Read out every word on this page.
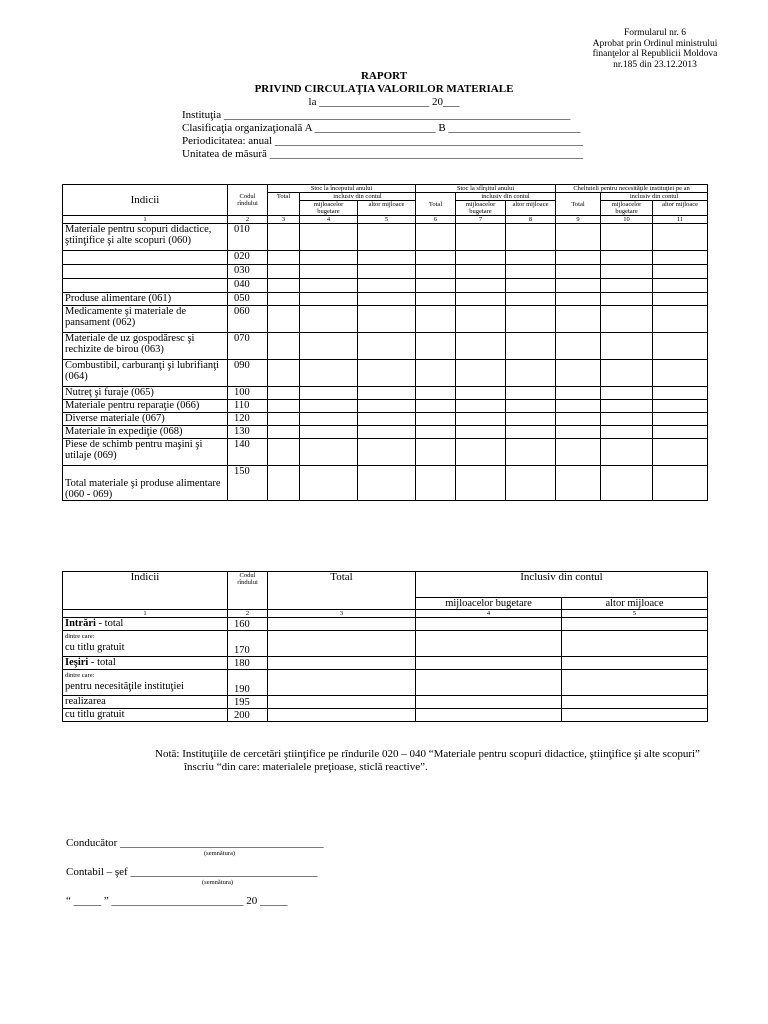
Formularul nr. 6
Aprobat prin Ordinul ministrului
finanţelor al Republicii Moldova
nr.185 din 23.12.2013
RAPORT
PRIVIND CIRCULAŢIA VALORILOR MATERIALE
la ____________________ 20___
Instituţia _______________________________________________________________
Clasificaţia organizaţională A ______________________ B ________________________
Periodicitatea: anual ________________________________________________________
Unitatea de măsură _________________________________________________________
Indicii	Codul rîndului	Stoc la începutul anului			Stoc la sfîrşitul anului			Cheltuieli pentru necesităţile instituţiei pe an		
		Total	inclusiv din contul		Total	inclusiv din contul		Total	inclusiv din contul	
			mijloacelor bugetare	altor mijloace		mijloacelor bugetare	altor mijloace		mijloacelor bugetare	altor mijloace
1	2	3	4	5	6	7	8	9	10	11
Materiale pentru scopuri didactice, ştiinţifice şi alte scopuri (060)	010									
	020									
	030									
	040									
Produse alimentare (061)	050									
Medicamente şi materiale de pansament (062)	060									
Materiale de uz gospodăresc şi rechizite de birou (063)	070									
Combustibil, carburanţi şi lubrifianţi (064)	090									
Nutreţ şi furaje (065)	100									
Materiale pentru reparaţie (066)	110									
Diverse materiale (067)	120									
Materiale în expediţie (068)	130									
Piese de schimb pentru maşini şi utilaje (069)	140									
Total materiale şi produse alimentare (060 - 069)	150									
Indicii	Codul rîndului	Total	Inclusiv din contul	
			mijloacelor bugetare	altor mijloace
1	2	3	4	5

Intrări - total	160			

dintre care:
cu titlu gratuit	170			

Ieşiri - total	180			

dintre care:
pentru necesităţile instituţiei	190			

realizarea	195			

cu titlu gratuit	200			
Notă: Instituţiile de cercetări ştiinţifice pe rîndurile 020 – 040 “Materiale pentru scopuri didactice, ştiinţifice şi alte scopuri”
înscriu “din care: materialele preţioase, sticlă reactive”.
Conducător _____________________________________
(semnătura)
Contabil – şef __________________________________
(semnătura)
“ _____ ” ________________________ 20 _____
